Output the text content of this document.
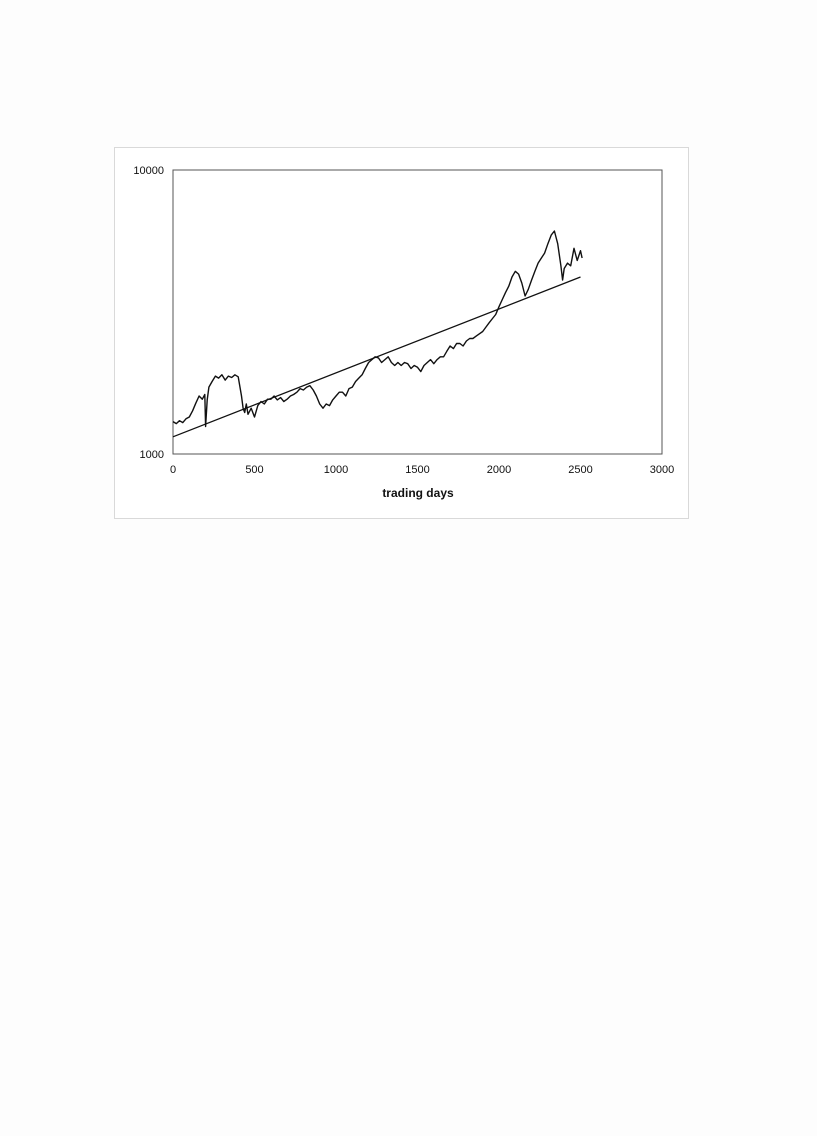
1000
10000
0	500	1000	1500	2000	2500	3000
trading days
